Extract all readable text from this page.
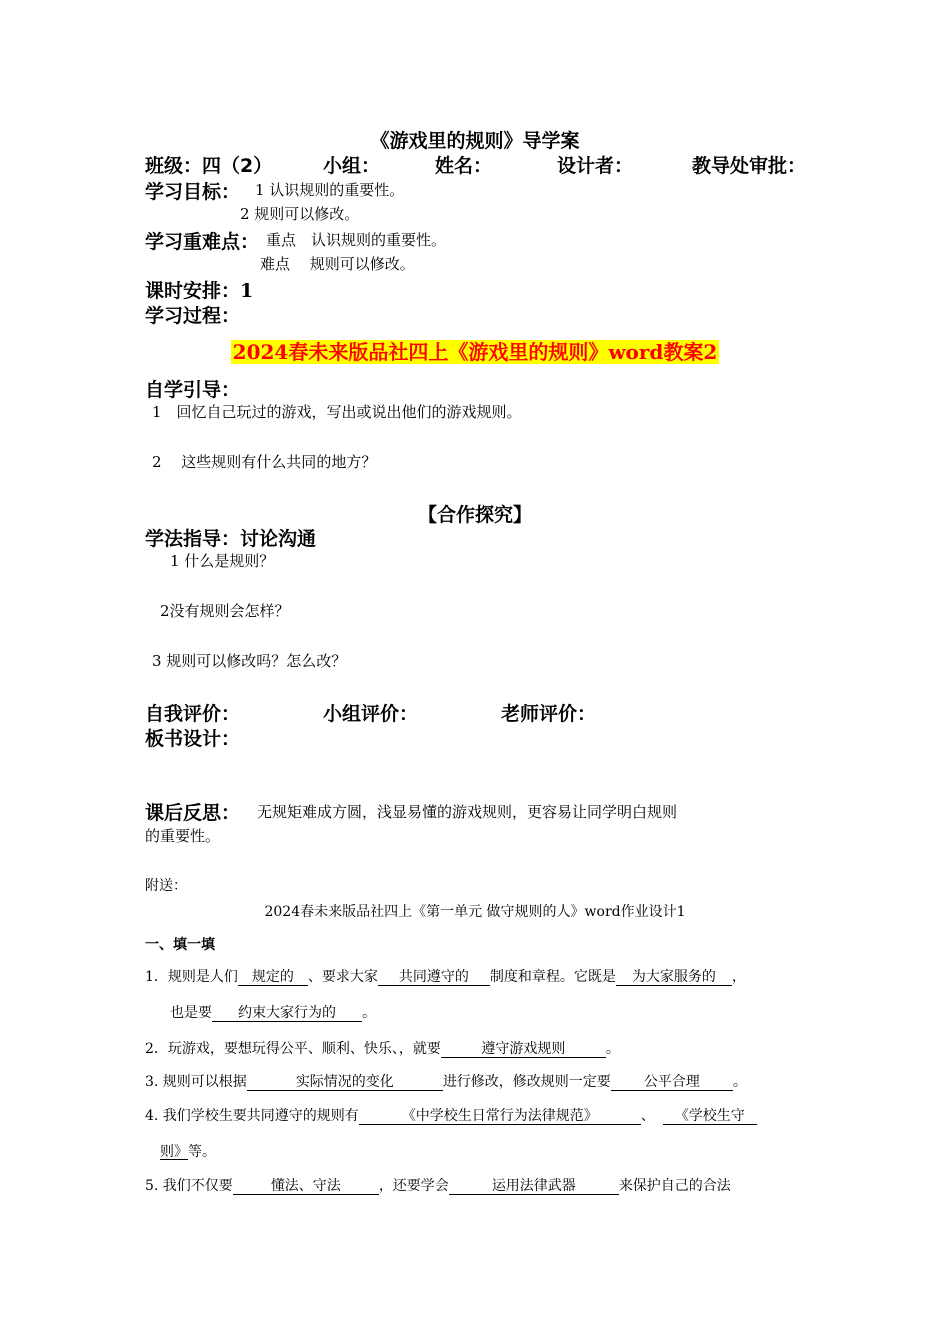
《游戏里的规则》导学案
班级：四（2）	小组：	姓名：	设计者：	教导处审批：
学习目标： 1 认识规则的重要性。
2 规则可以修改。
学习重难点： 重点　认识规则的重要性。
难点　 规则可以修改。
课时安排：1
学习过程：
2024春未来版品社四上《游戏里的规则》word教案2
自学引导：
1　回忆自己玩过的游戏，写出或说出他们的游戏规则。
2　 这些规则有什么共同的地方？
【合作探究】
学法指导：讨论沟通
1 什么是规则？
2没有规则会怎样？
3 规则可以修改吗？怎么改？
自我评价：	小组评价：	老师评价：
板书设计：
课后反思： 无规矩难成方圆，浅显易懂的游戏规则，更容易让同学明白规则
的重要性。
附送：
2024春未来版品社四上《第一单元 做守规则的人》word作业设计1
一、填一填
1．规则是人们 规定的 、要求大家 共同遵守的 制度和章程。它既是 为大家服务的 ，
也是要 约束大家行为的 。
2．玩游戏，要想玩得公平、顺利、快乐、，就要	遵守游戏规则	。
3. 规则可以根据	实际情况的变化	进行修改，修改规则一定要 公平合理 。
4. 我们学校生要共同遵守的规则有	《中学校生日常行为法律规范》	、 《学校生守
则》等。
5. 我们不仅要	懂法、守法	，还要学会	运用法律武器	来保护自己的合法
